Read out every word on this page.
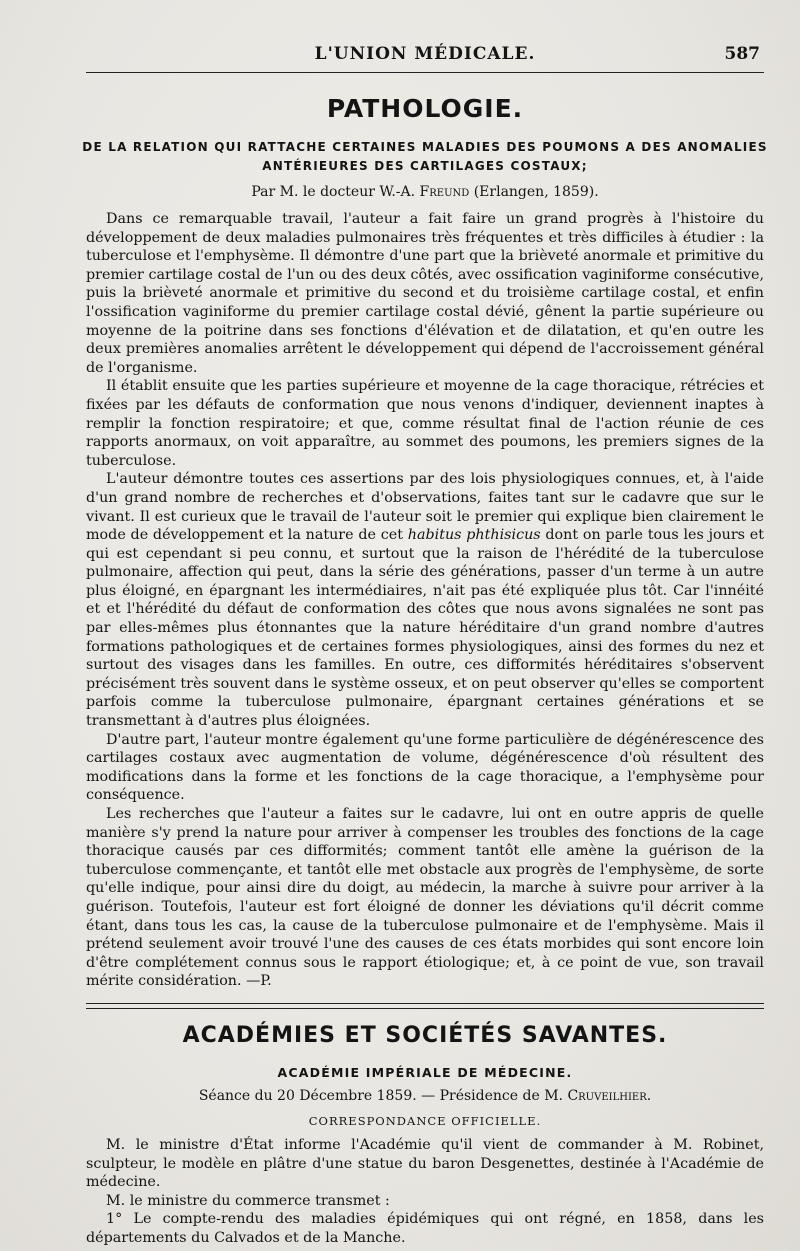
L'UNION MÉDICALE.	587
PATHOLOGIE.
DE LA RELATION QUI RATTACHE CERTAINES MALADIES DES POUMONS A DES ANOMALIES ANTÉRIEURES DES CARTILAGES COSTAUX;
Par M. le docteur W.-A. Freund (Erlangen, 1859).

Dans ce remarquable travail, l'auteur a fait faire un grand progrès à l'histoire du développement de deux maladies pulmonaires très fréquentes et très difficiles à étudier : la tuberculose et l'emphysème. Il démontre d'une part que la brièveté anormale et primitive du premier cartilage costal de l'un ou des deux côtés, avec ossification vaginiforme consécutive, puis la brièveté anormale et primitive du second et du troisième cartilage costal, et enfin l'ossification vaginiforme du premier cartilage costal dévié, gênent la partie supérieure ou moyenne de la poitrine dans ses fonctions d'élévation et de dilatation, et qu'en outre les deux premières anomalies arrêtent le développement qui dépend de l'accroissement général de l'organisme.

Il établit ensuite que les parties supérieure et moyenne de la cage thoracique, rétrécies et fixées par les défauts de conformation que nous venons d'indiquer, deviennent inaptes à remplir la fonction respiratoire; et que, comme résultat final de l'action réunie de ces rapports anormaux, on voit apparaître, au sommet des poumons, les premiers signes de la tuberculose.

L'auteur démontre toutes ces assertions par des lois physiologiques connues, et, à l'aide d'un grand nombre de recherches et d'observations, faites tant sur le cadavre que sur le vivant. Il est curieux que le travail de l'auteur soit le premier qui explique bien clairement le mode de développement et la nature de cet habitus phthisicus dont on parle tous les jours et qui est cependant si peu connu, et surtout que la raison de l'hérédité de la tuberculose pulmonaire, affection qui peut, dans la série des générations, passer d'un terme à un autre plus éloigné, en épargnant les intermédiaires, n'ait pas été expliquée plus tôt. Car l'innéité et et l'hérédité du défaut de conformation des côtes que nous avons signalées ne sont pas par elles-mêmes plus étonnantes que la nature héréditaire d'un grand nombre d'autres formations pathologiques et de certaines formes physiologiques, ainsi des formes du nez et surtout des visages dans les familles. En outre, ces difformités héréditaires s'observent précisément très souvent dans le système osseux, et on peut observer qu'elles se comportent parfois comme la tuberculose pulmonaire, épargnant certaines générations et se transmettant à d'autres plus éloignées.

D'autre part, l'auteur montre également qu'une forme particulière de dégénérescence des cartilages costaux avec augmentation de volume, dégénérescence d'où résultent des modifications dans la forme et les fonctions de la cage thoracique, a l'emphysème pour conséquence.

Les recherches que l'auteur a faites sur le cadavre, lui ont en outre appris de quelle manière s'y prend la nature pour arriver à compenser les troubles des fonctions de la cage thoracique causés par ces difformités; comment tantôt elle amène la guérison de la tuberculose commençante, et tantôt elle met obstacle aux progrès de l'emphysème, de sorte qu'elle indique, pour ainsi dire du doigt, au médecin, la marche à suivre pour arriver à la guérison. Toutefois, l'auteur est fort éloigné de donner les déviations qu'il décrit comme étant, dans tous les cas, la cause de la tuberculose pulmonaire et de l'emphysème. Mais il prétend seulement avoir trouvé l'une des causes de ces états morbides qui sont encore loin d'être complétement connus sous le rapport étiologique; et, à ce point de vue, son travail mérite considération. —P.

ACADÉMIES ET SOCIÉTÉS SAVANTES.
ACADÉMIE IMPÉRIALE DE MÉDECINE.
Séance du 20 Décembre 1859. — Présidence de M. Cruveilhier.
CORRESPONDANCE OFFICIELLE.

M. le ministre d'État informe l'Académie qu'il vient de commander à M. Robinet, sculpteur, le modèle en plâtre d'une statue du baron Desgenettes, destinée à l'Académie de médecine.

M. le ministre du commerce transmet :

1° Le compte-rendu des maladies épidémiques qui ont régné, en 1858, dans les départements du Calvados et de la Manche.
